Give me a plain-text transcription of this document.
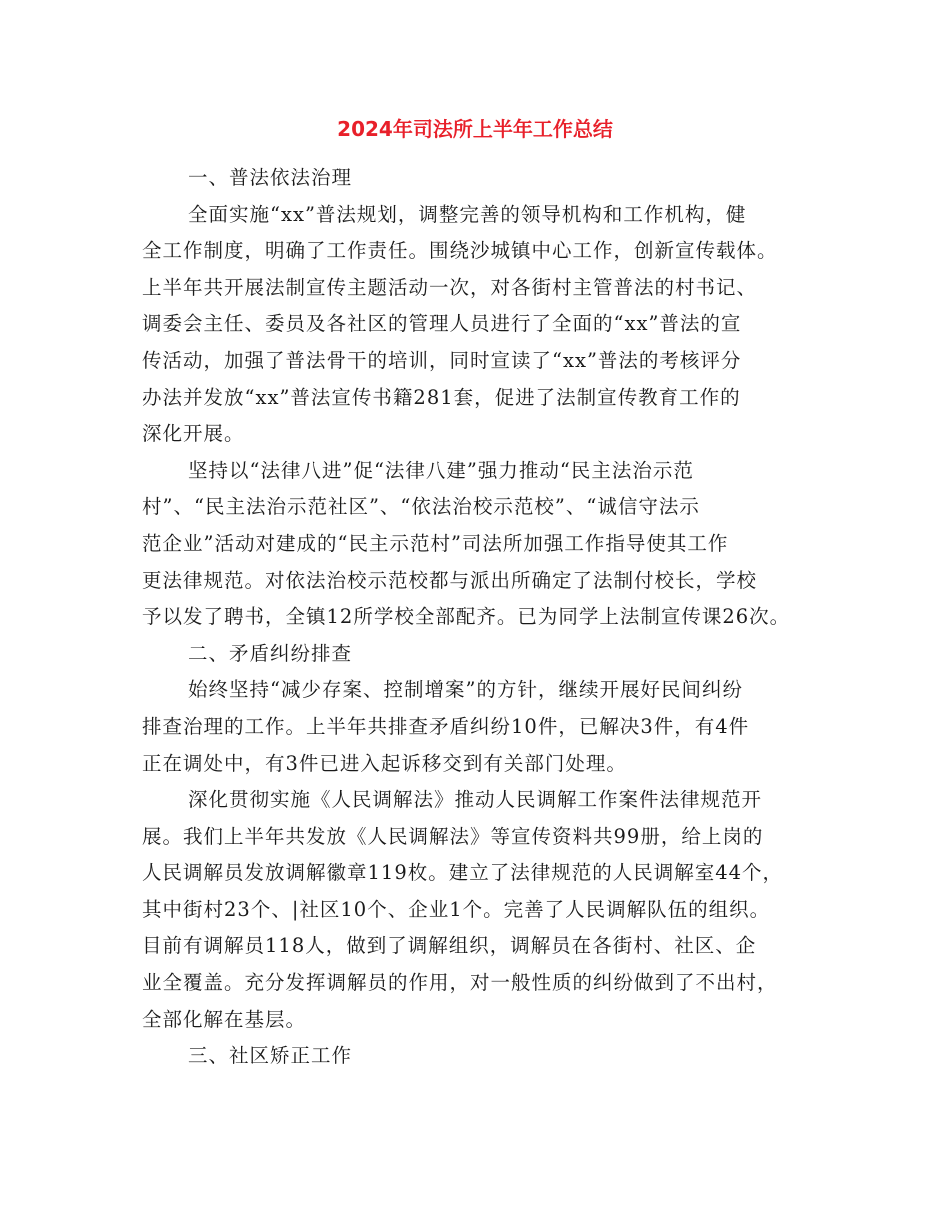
2024年司法所上半年工作总结
一、普法依法治理
全面实施“xx”普法规划，调整完善的领导机构和工作机构，健
全工作制度，明确了工作责任。围绕沙城镇中心工作，创新宣传载体。
上半年共开展法制宣传主题活动一次，对各街村主管普法的村书记、
调委会主任、委员及各社区的管理人员进行了全面的“xx”普法的宣
传活动，加强了普法骨干的培训，同时宣读了“xx”普法的考核评分
办法并发放“xx”普法宣传书籍281套，促进了法制宣传教育工作的
深化开展。
坚持以“法律八进”促“法律八建”强力推动“民主法治示范
村”、“民主法治示范社区”、“依法治校示范校”、“诚信守法示
范企业”活动对建成的“民主示范村”司法所加强工作指导使其工作
更法律规范。对依法治校示范校都与派出所确定了法制付校长，学校
予以发了聘书，全镇12所学校全部配齐。已为同学上法制宣传课26次。
二、矛盾纠纷排查
始终坚持“减少存案、控制增案”的方针，继续开展好民间纠纷
排查治理的工作。上半年共排查矛盾纠纷10件，已解决3件，有4件
正在调处中，有3件已进入起诉移交到有关部门处理。
深化贯彻实施《人民调解法》推动人民调解工作案件法律规范开
展。我们上半年共发放《人民调解法》等宣传资料共99册，给上岗的
人民调解员发放调解徽章119枚。建立了法律规范的人民调解室44个，
其中街村23个、|社区10个、企业1个。完善了人民调解队伍的组织。
目前有调解员118人，做到了调解组织，调解员在各街村、社区、企
业全覆盖。充分发挥调解员的作用，对一般性质的纠纷做到了不出村，
全部化解在基层。
三、社区矫正工作
